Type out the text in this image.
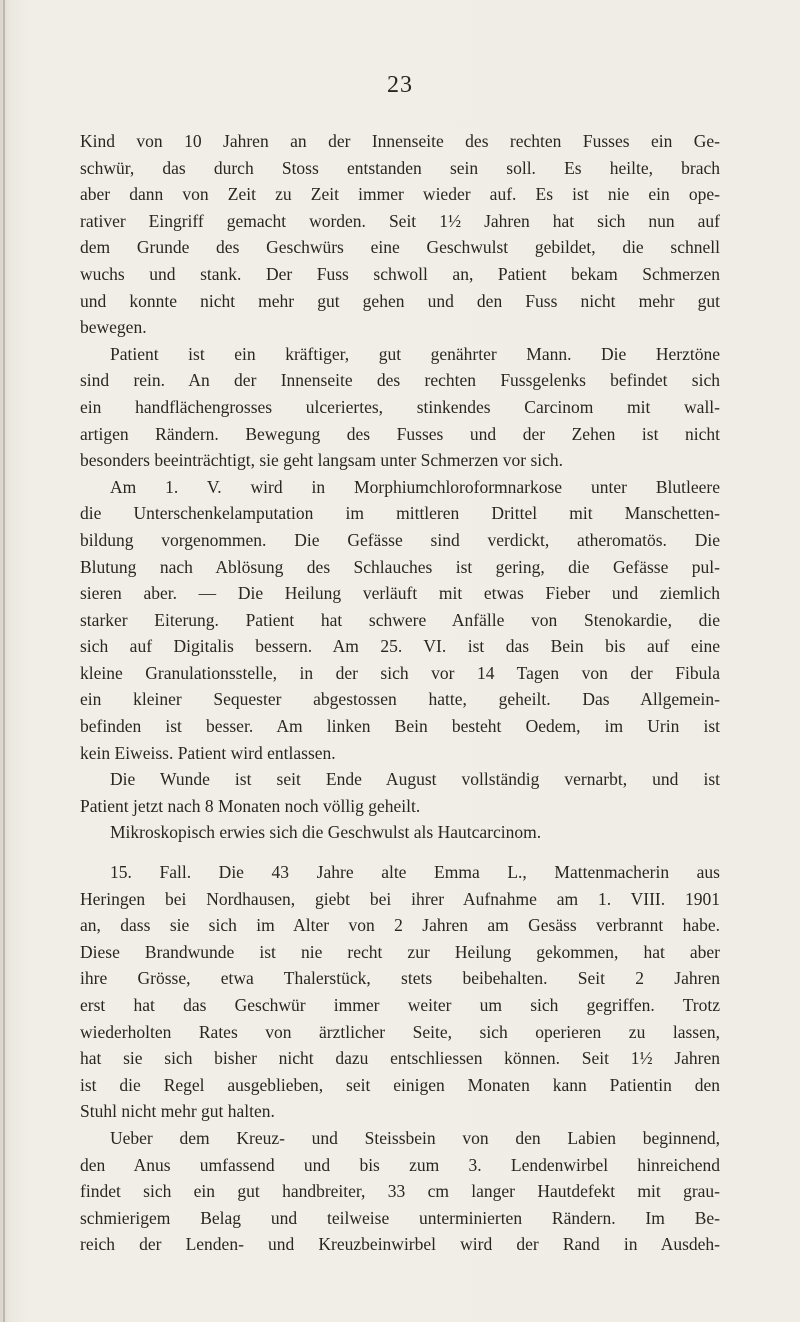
23
Kind von 10 Jahren an der Innenseite des rechten Fusses ein Ge-
schwür, das durch Stoss entstanden sein soll. Es heilte, brach
aber dann von Zeit zu Zeit immer wieder auf. Es ist nie ein ope-
rativer Eingriff gemacht worden. Seit 1½ Jahren hat sich nun auf
dem Grunde des Geschwürs eine Geschwulst gebildet, die schnell
wuchs und stank. Der Fuss schwoll an, Patient bekam Schmerzen
und konnte nicht mehr gut gehen und den Fuss nicht mehr gut
bewegen.
Patient ist ein kräftiger, gut genährter Mann. Die Herztöne
sind rein. An der Innenseite des rechten Fussgelenks befindet sich
ein handflächengrosses ulceriertes, stinkendes Carcinom mit wall-
artigen Rändern. Bewegung des Fusses und der Zehen ist nicht
besonders beeinträchtigt, sie geht langsam unter Schmerzen vor sich.
Am 1. V. wird in Morphiumchloroformnarkose unter Blutleere
die Unterschenkelamputation im mittleren Drittel mit Manschetten-
bildung vorgenommen. Die Gefässe sind verdickt, atheromatös. Die
Blutung nach Ablösung des Schlauches ist gering, die Gefässe pul-
sieren aber. — Die Heilung verläuft mit etwas Fieber und ziemlich
starker Eiterung. Patient hat schwere Anfälle von Stenokardie, die
sich auf Digitalis bessern. Am 25. VI. ist das Bein bis auf eine
kleine Granulationsstelle, in der sich vor 14 Tagen von der Fibula
ein kleiner Sequester abgestossen hatte, geheilt. Das Allgemein-
befinden ist besser. Am linken Bein besteht Oedem, im Urin ist
kein Eiweiss. Patient wird entlassen.
Die Wunde ist seit Ende August vollständig vernarbt, und ist
Patient jetzt nach 8 Monaten noch völlig geheilt.
Mikroskopisch erwies sich die Geschwulst als Hautcarcinom.
15. Fall. Die 43 Jahre alte Emma L., Mattenmacherin aus
Heringen bei Nordhausen, giebt bei ihrer Aufnahme am 1. VIII. 1901
an, dass sie sich im Alter von 2 Jahren am Gesäss verbrannt habe.
Diese Brandwunde ist nie recht zur Heilung gekommen, hat aber
ihre Grösse, etwa Thalerstück, stets beibehalten. Seit 2 Jahren
erst hat das Geschwür immer weiter um sich gegriffen. Trotz
wiederholten Rates von ärztlicher Seite, sich operieren zu lassen,
hat sie sich bisher nicht dazu entschliessen können. Seit 1½ Jahren
ist die Regel ausgeblieben, seit einigen Monaten kann Patientin den
Stuhl nicht mehr gut halten.
Ueber dem Kreuz- und Steissbein von den Labien beginnend,
den Anus umfassend und bis zum 3. Lendenwirbel hinreichend
findet sich ein gut handbreiter, 33 cm langer Hautdefekt mit grau-
schmierigem Belag und teilweise unterminierten Rändern. Im Be-
reich der Lenden- und Kreuzbeinwirbel wird der Rand in Ausdeh-
